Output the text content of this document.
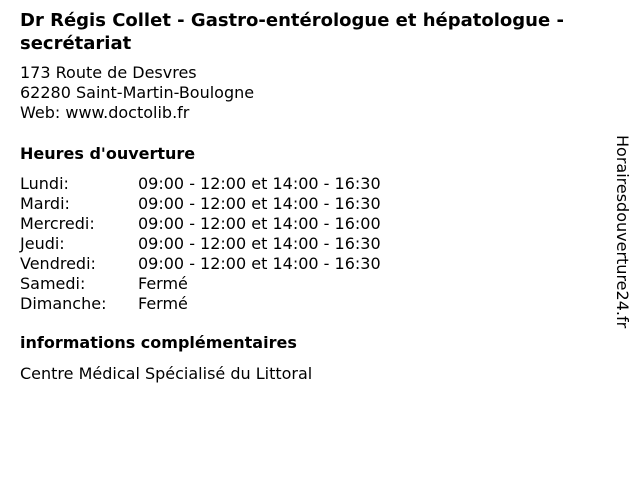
Dr Régis Collet - Gastro-entérologue et hépatologue - secrétariat
173 Route de Desvres
62280 Saint-Martin-Boulogne
Web: www.doctolib.fr
Heures d'ouverture
Lundi:	09:00 - 12:00 et 14:00 - 16:30
Mardi:	09:00 - 12:00 et 14:00 - 16:30
Mercredi:	09:00 - 12:00 et 14:00 - 16:00
Jeudi:	09:00 - 12:00 et 14:00 - 16:30
Vendredi:	09:00 - 12:00 et 14:00 - 16:30
Samedi:	Fermé
Dimanche:	Fermé
informations complémentaires
Centre Médical Spécialisé du Littoral
Horairesdouverture24.fr
